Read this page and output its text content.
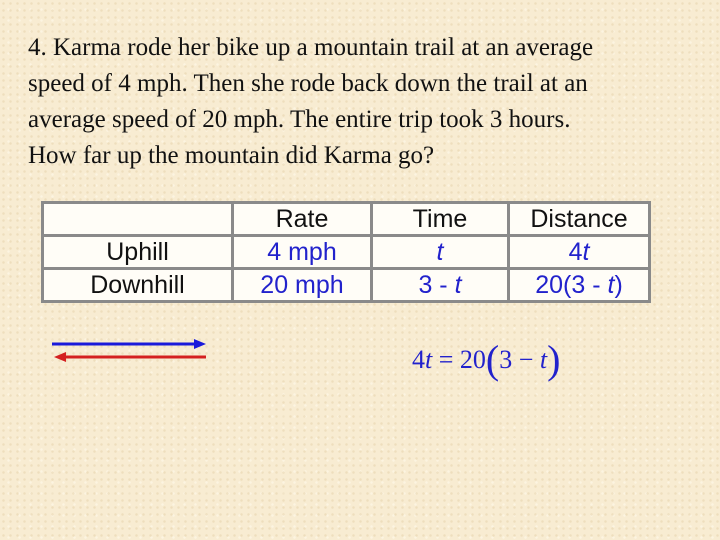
4. Karma rode her bike up a mountain trail at an average
speed of 4 mph. Then she rode back down the trail at an
average speed of 20 mph. The entire trip took 3 hours.
How far up the mountain did Karma go?
	Rate	Time	Distance
Uphill	4 mph	t	4t
Downhill	20 mph	3 - t	20(3 - t)
4t = 20(3 − t)
